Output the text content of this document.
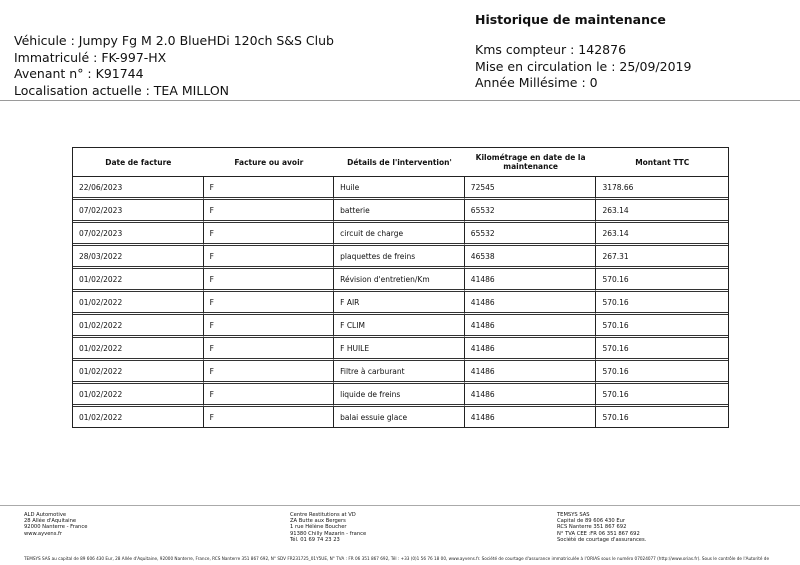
Véhicule : Jumpy Fg M 2.0 BlueHDi 120ch S&S Club
Immatriculé : FK-997-HX
Avenant n° : K91744
Localisation actuelle : TEA MILLON
Historique de maintenance
Kms compteur : 142876
Mise en circulation le : 25/09/2019
Année Millésime : 0
Date de facture	Facture ou avoir	Détails de l'intervention'	Kilométrage en date de la maintenance	Montant TTC
22/06/2023	F	Huile	72545	3178.66
07/02/2023	F	batterie	65532	263.14
07/02/2023	F	circuit de charge	65532	263.14
28/03/2022	F	plaquettes de freins	46538	267.31
01/02/2022	F	Révision d'entretien/Km	41486	570.16
01/02/2022	F	F AIR	41486	570.16
01/02/2022	F	F CLIM	41486	570.16
01/02/2022	F	F HUILE	41486	570.16
01/02/2022	F	Filtre à carburant	41486	570.16
01/02/2022	F	liquide de freins	41486	570.16
01/02/2022	F	balai essuie glace	41486	570.16
ALD Automotive
28 Allée d'Aquitaine
92000 Nanterre - France
www.ayvens.fr
Centre Restitutions at VD
ZA Butte aux Bergers
1 rue Hélène Boucher
91380 Chilly Mazarin - france
Tél. 01 69 74 23 23
TEMSYS SAS
Capital de 89 606 430 Eur
RCS Nanterre 351 867 692
N° TVA CEE :FR 06 351 867 692
Société de courtage d'assurances.
TEMSYS SAS au capital de 89 606 430 Eur, 28 Allée d'Aquitaine, 92000 Nanterre, France, RCS Nanterre 351 867 692, N° SDV FR231725_01Y5UE, N° TVA : FR 06 351 867 692, Tél : +33 (0)1 56 76 18 00, www.ayvens.fr. Société de courtage d'assurance immatriculée à l'ORIAS sous le numéro 07024077 (http://www.orias.fr). Sous le contrôle de l'Autorité de
